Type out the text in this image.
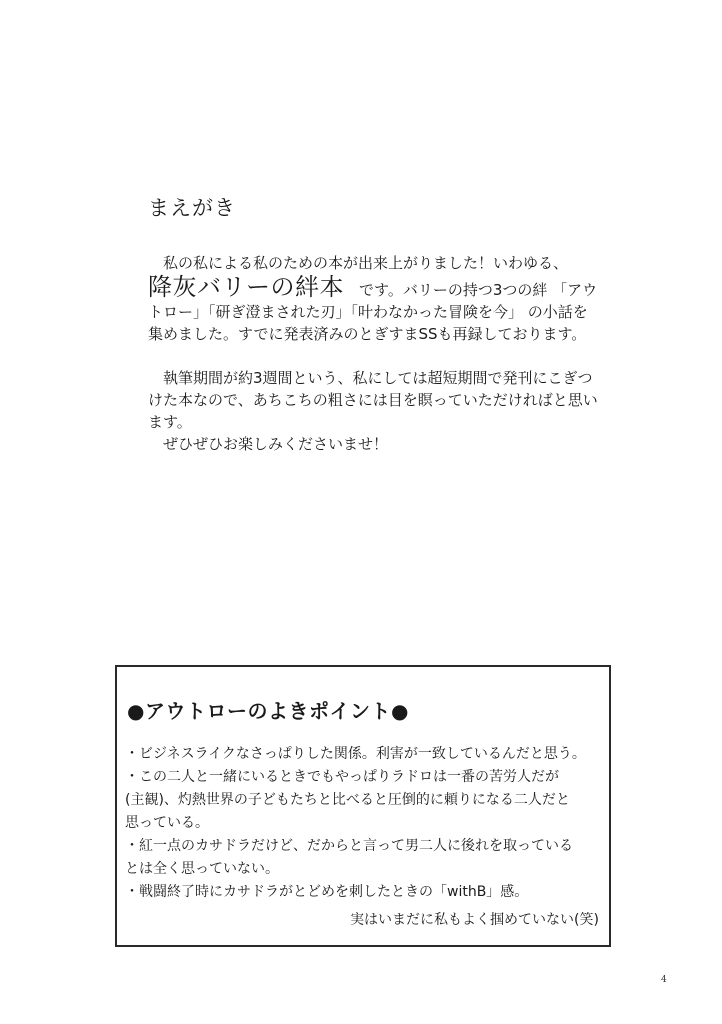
まえがき

　私の私による私のための本が出来上がりました！いわゆる、

降灰バリーの絆本　 です。バリーの持つ3つの絆 「アウ

トロー」「研ぎ澄まされた刃」「叶わなかった冒険を今」 の小話を

集めました。すでに発表済みのとぎすまSSも再録しております。

　執筆期間が約3週間という、私にしては超短期間で発刊にこぎつ

けた本なので、あちこちの粗さには目を瞑っていただければと思い

ます。

　ぜひぜひお楽しみくださいませ！

●アウトローのよきポイント●

・ビジネスライクなさっぱりした関係。利害が一致しているんだと思う。

・この二人と一緒にいるときでもやっぱりラドロは一番の苦労人だが

(主観)、灼熱世界の子どもたちと比べると圧倒的に頼りになる二人だと

思っている。

・紅一点のカサドラだけど、だからと言って男二人に後れを取っている

とは全く思っていない。

・戦闘終了時にカサドラがとどめを刺したときの「withB」感。

実はいまだに私もよく掴めていない(笑)
4
